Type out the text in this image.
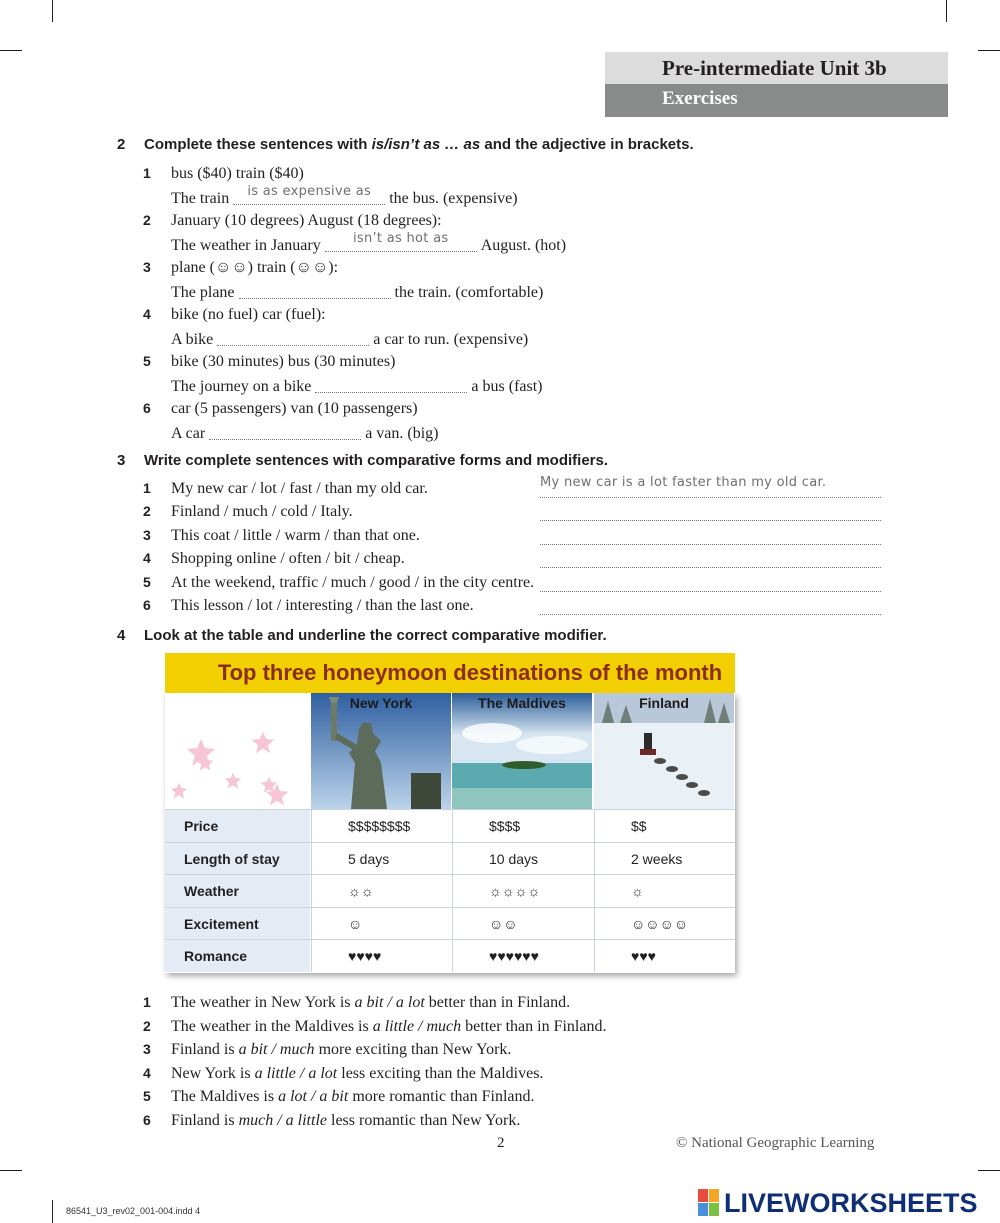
Pre-intermediate Unit 3b
Exercises
2 Complete these sentences with is/isn’t as … as and the adjective in brackets.
1 bus ($40) train ($40)
The train	is as expensive as	the bus. (expensive)
2 January (10 degrees) August (18 degrees):
The weather in January	isn’t as hot as	August. (hot)
3 plane (☺☺) train (☺☺):
The plane	the train. (comfortable)
4 bike (no fuel) car (fuel):
A bike	a car to run. (expensive)
5 bike (30 minutes) bus (30 minutes)
The journey on a bike	a bus (fast)
6 car (5 passengers) van (10 passengers)
A car	a van. (big)
3 Write complete sentences with comparative forms and modifiers.
1 My new car / lot / fast / than my old car.	My new car is a lot faster than my old car.
2 Finland / much / cold / Italy.
3 This coat / little / warm / than that one.
4 Shopping online / often / bit / cheap.
5 At the weekend, traffic / much / good / in the city centre.
6 This lesson / lot / interesting / than the last one.
4 Look at the table and underline the correct comparative modifier.
New York	The Maldives	Finland
Price	$$$$$$$$	$$$$	$$
Length of stay	5 days	10 days	2 weeks
Weather	☼☼	☼☼☼☼	☼
Excitement	☺	☺☺	☺☺☺☺
Romance	♥♥♥♥	♥♥♥♥♥♥	♥♥♥
Top three honeymoon destinations of the month
1 The weather in New York is a bit / a lot better than in Finland.
2 The weather in the Maldives is a little / much better than in Finland.
3 Finland is a bit / much more exciting than New York.
4 New York is a little / a lot less exciting than the Maldives.
5 The Maldives is a lot / a bit more romantic than Finland.
6 Finland is much / a little less romantic than New York.
2	© National Geographic Learning
86541_U3_rev02_001-004.indd 4	LIVEWORKSHEETS
